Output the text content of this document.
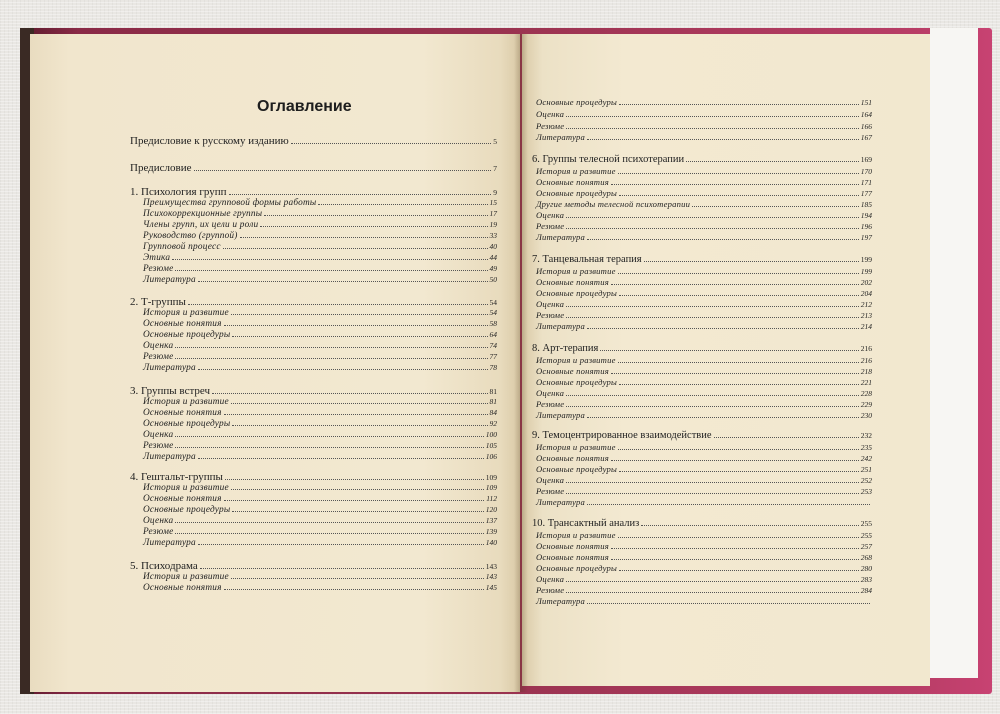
Предисловие к русскому изданию	5
Предисловие	7
1. Психология групп	9
Преимущества групповой формы работы	15
Психокоррекционные группы	17
Члены групп, их цели и роли	19
Руководство (группой)	33
Групповой процесс	40
Этика	44
Резюме	49
Литература	50
2. Т-группы	54
История и развитие	54
Основные понятия	58
Основные процедуры	64
Оценка	74
Резюме	77
Литература	78
3. Группы встреч	81
История и развитие	81
Основные понятия	84
Основные процедуры	92
Оценка	100
Резюме	105
Литература	106
4. Гештальт-группы	109
История и развитие	109
Основные понятия	112
Основные процедуры	120
Оценка	137
Резюме	139
Литература	140
5. Психодрама	143
История и развитие	143
Основные понятия	145
Основные процедуры	151
Оценка	164
Резюме	166
Литература	167
6. Группы телесной психотерапии	169
История и развитие	170
Основные понятия	171
Основные процедуры	177
Другие методы телесной психотерапии	185
Оценка	194
Резюме	196
Литература	197
7. Танцевальная терапия	199
История и развитие	199
Основные понятия	202
Основные процедуры	204
Оценка	212
Резюме	213
Литература	214
8. Арт-терапия	216
История и развитие	216
Основные понятия	218
Основные процедуры	221
Оценка	228
Резюме	229
Литература	230
9. Темоцентрированное взаимодействие	232
История и развитие	235
Основные понятия	242
Основные процедуры	251
Оценка	252
Резюме	253
Литература
10. Трансактный анализ	255
История и развитие	255
Основные понятия	257
Основные понятия	268
Основные процедуры	280
Оценка	283
Резюме	284
Литература
Оглавление
